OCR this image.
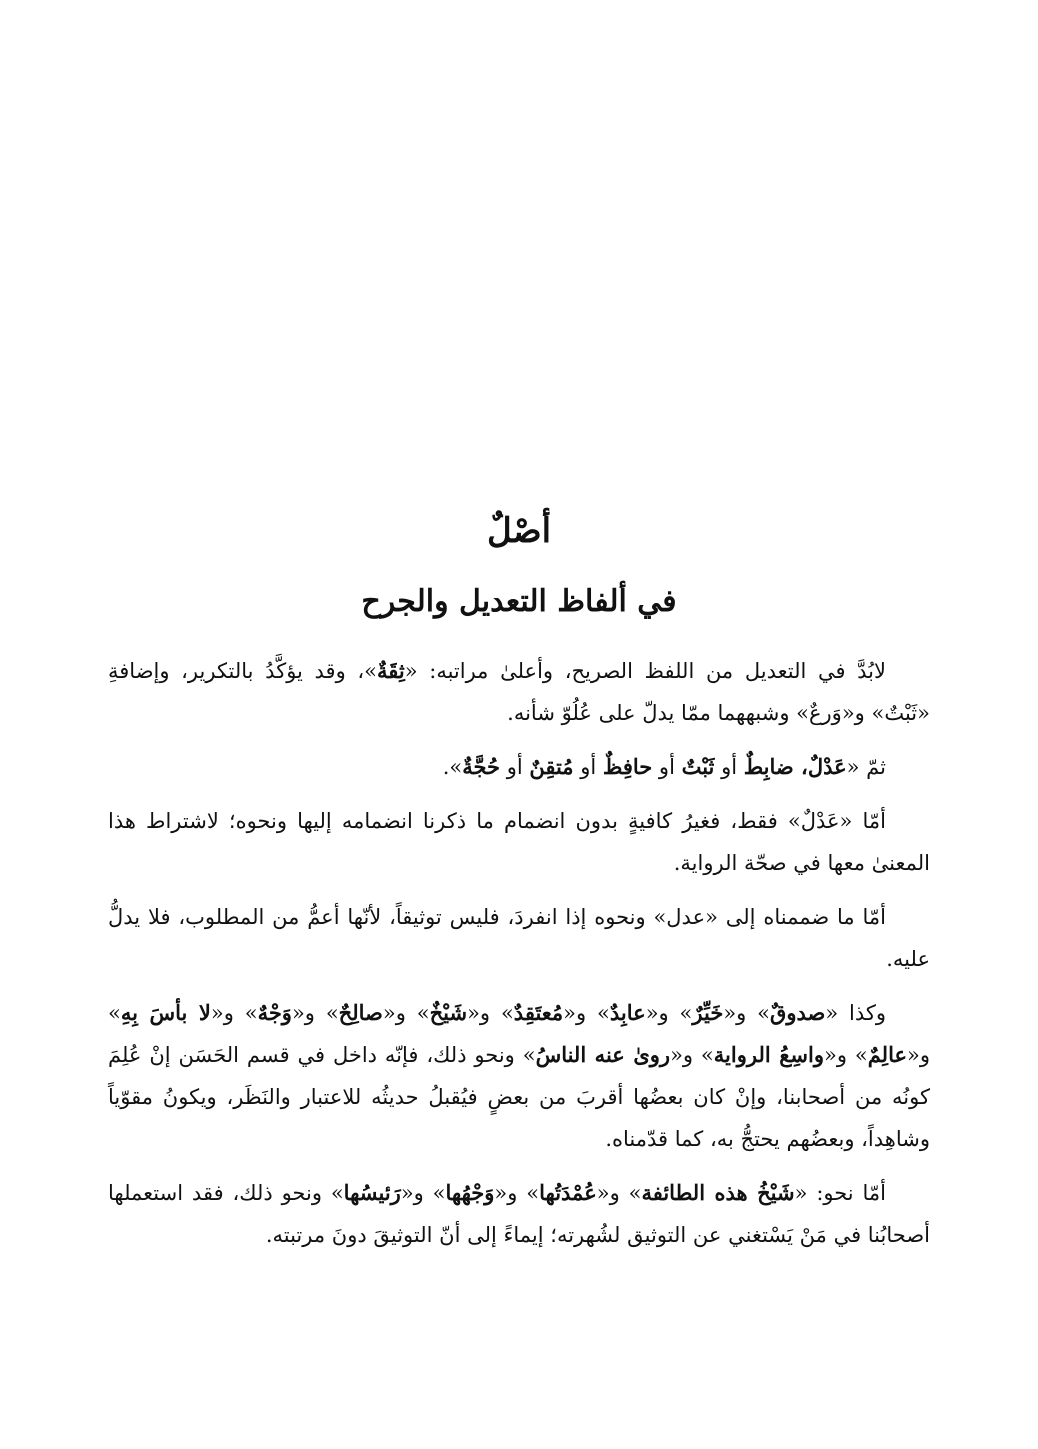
أصْلٌ
في ألفاظ التعديل والجرح

لابُدَّ في التعديل من اللفظ الصريح، وأعلىٰ مراتبه: «ثِقَةٌ»، وقد يؤكَّدُ بالتكرير، وإضافةِ «ثَبْتٌ» و«وَرعٌ» وشبههما ممّا يدلّ على عُلُوّ شأنه.

ثمّ «عَدْلٌ، ضابِطٌ أو ثَبْتٌ أو حافِظٌ أو مُتقِنٌ أو حُجَّةٌ».

أمّا «عَدْلٌ» فقط، فغيرُ كافيةٍ بدون انضمام ما ذكرنا انضمامه إليها ونحوه؛ لاشتراط هذا المعنىٰ معها في صحّة الرواية.

أمّا ما ضممناه إلى «عدل» ونحوه إذا انفردَ، فليس توثيقاً، لأنّها أعمُّ من المطلوب، فلا يدلُّ عليه.

وكذا «صدوقٌ» و«خَيِّرٌ» و«عابِدٌ» و«مُعتَقِدٌ» و«شَيْخٌ» و«صالِحٌ» و«وَجْهٌ» و«لا بأسَ بِهِ» و«عالِمٌ» و«واسِعُ الرواية» و«روىٰ عنه الناسُ» ونحو ذلك، فإنّه داخل في قسم الحَسَن إنْ عُلِمَ كونُه من أصحابنا، وإنْ كان بعضُها أقربَ من بعضٍ فيُقبلُ حديثُه للاعتبار والنَظَر، ويكونُ مقوّياً وشاهِداً، وبعضُهم يحتجُّ به، كما قدّمناه.

أمّا نحو: «شَيْخُ هذه الطائفة» و«عُمْدَتُها» و«وَجْهُها» و«رَئيسُها» ونحو ذلك، فقد استعملها أصحابُنا في مَنْ يَسْتغني عن التوثيق لشُهرته؛ إيماءً إلى أنّ التوثيقَ دونَ مرتبته.
